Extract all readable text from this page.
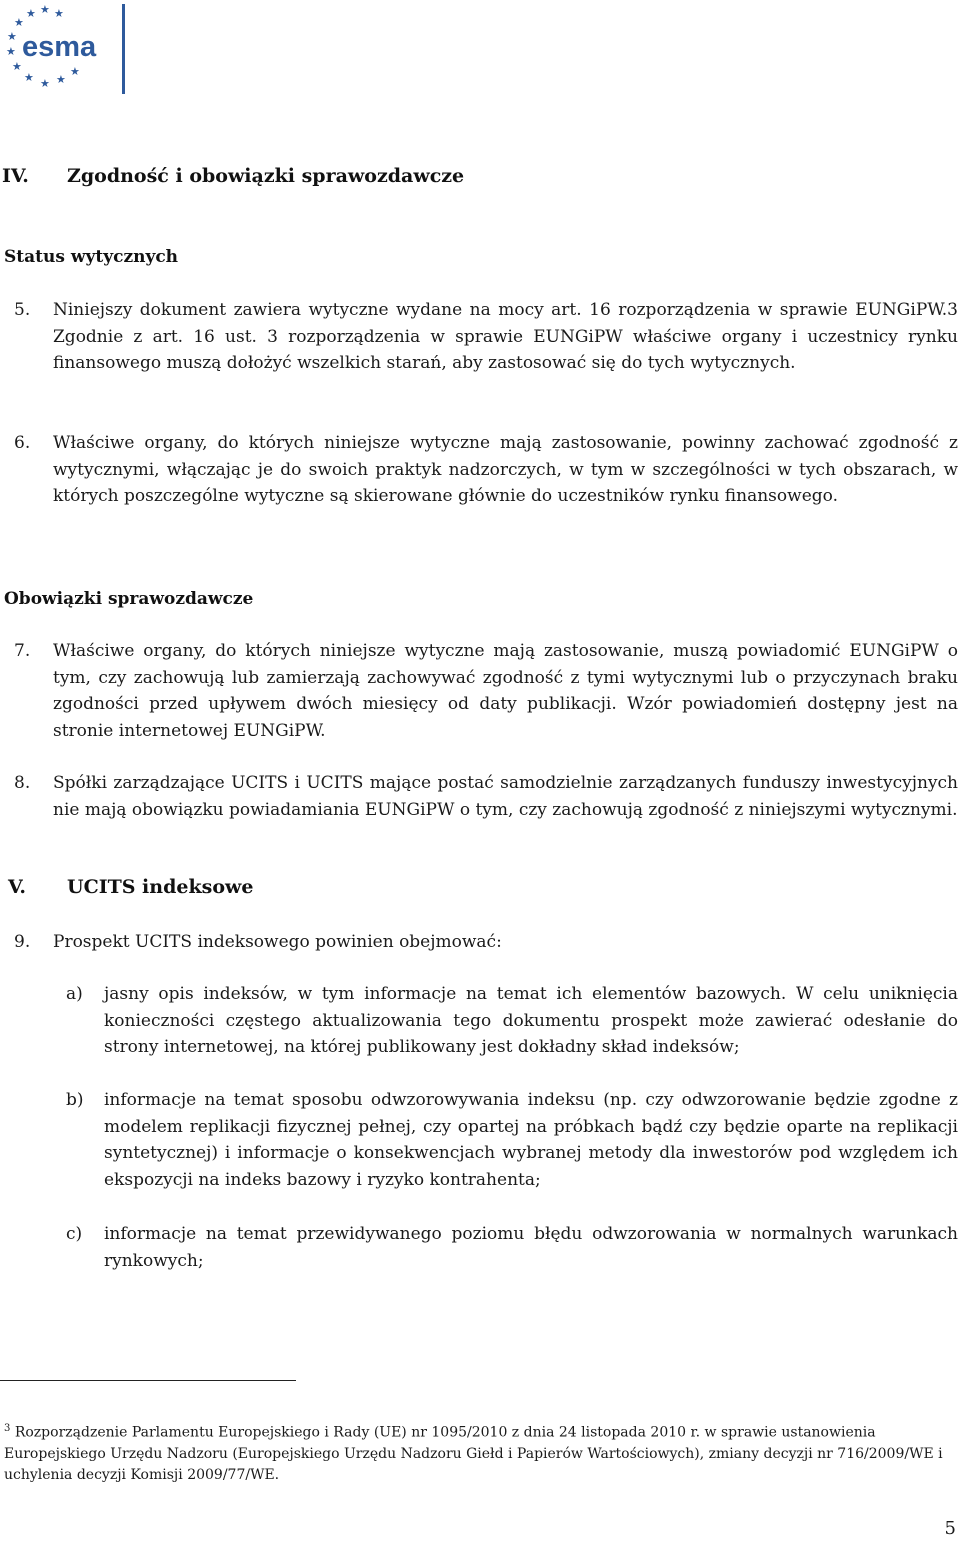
★
★ ★
★
★
★
★
★ ★ ★
★
esma
IV. Zgodność i obowiązki sprawozdawcze
Status wytycznych
5. Niniejszy dokument zawiera wytyczne wydane na mocy art. 16 rozporządzenia w sprawie EUNGiPW.3 Zgodnie z art. 16 ust. 3 rozporządzenia w sprawie EUNGiPW właściwe organy i uczestnicy rynku finansowego muszą dołożyć wszelkich starań, aby zastosować się do tych wytycznych.
6. Właściwe organy, do których niniejsze wytyczne mają zastosowanie, powinny zachować zgodność z wytycznymi, włączając je do swoich praktyk nadzorczych, w tym w szczególności w tych obszarach, w których poszczególne wytyczne są skierowane głównie do uczestników rynku finansowego.
Obowiązki sprawozdawcze
7. Właściwe organy, do których niniejsze wytyczne mają zastosowanie, muszą powiadomić EUNGiPW o tym, czy zachowują lub zamierzają zachowywać zgodność z tymi wytycznymi lub o przyczynach braku zgodności przed upływem dwóch miesięcy od daty publikacji. Wzór powiadomień dostępny jest na stronie internetowej EUNGiPW.
8. Spółki zarządzające UCITS i UCITS mające postać samodzielnie zarządzanych funduszy inwestycyjnych nie mają obowiązku powiadamiania EUNGiPW o tym, czy zachowują zgodność z niniejszymi wytycznymi.
V. UCITS indeksowe
9. Prospekt UCITS indeksowego powinien obejmować:
a) jasny opis indeksów, w tym informacje na temat ich elementów bazowych. W celu uniknięcia konieczności częstego aktualizowania tego dokumentu prospekt może zawierać odesłanie do strony internetowej, na której publikowany jest dokładny skład indeksów;
b) informacje na temat sposobu odwzorowywania indeksu (np. czy odwzorowanie będzie zgodne z modelem replikacji fizycznej pełnej, czy opartej na próbkach bądź czy będzie oparte na replikacji syntetycznej) i informacje o konsekwencjach wybranej metody dla inwestorów pod względem ich ekspozycji na indeks bazowy i ryzyko kontrahenta;
c) informacje na temat przewidywanego poziomu błędu odwzorowania w normalnych warunkach rynkowych;
$^3$ Rozporządzenie Parlamentu Europejskiego i Rady (UE) nr 1095/2010 z dnia 24 listopada 2010 r. w sprawie ustanowienia Europejskiego Urzędu Nadzoru (Europejskiego Urzędu Nadzoru Giełd i Papierów Wartościowych), zmiany decyzji nr 716/2009/WE i uchylenia decyzji Komisji 2009/77/WE.
5
